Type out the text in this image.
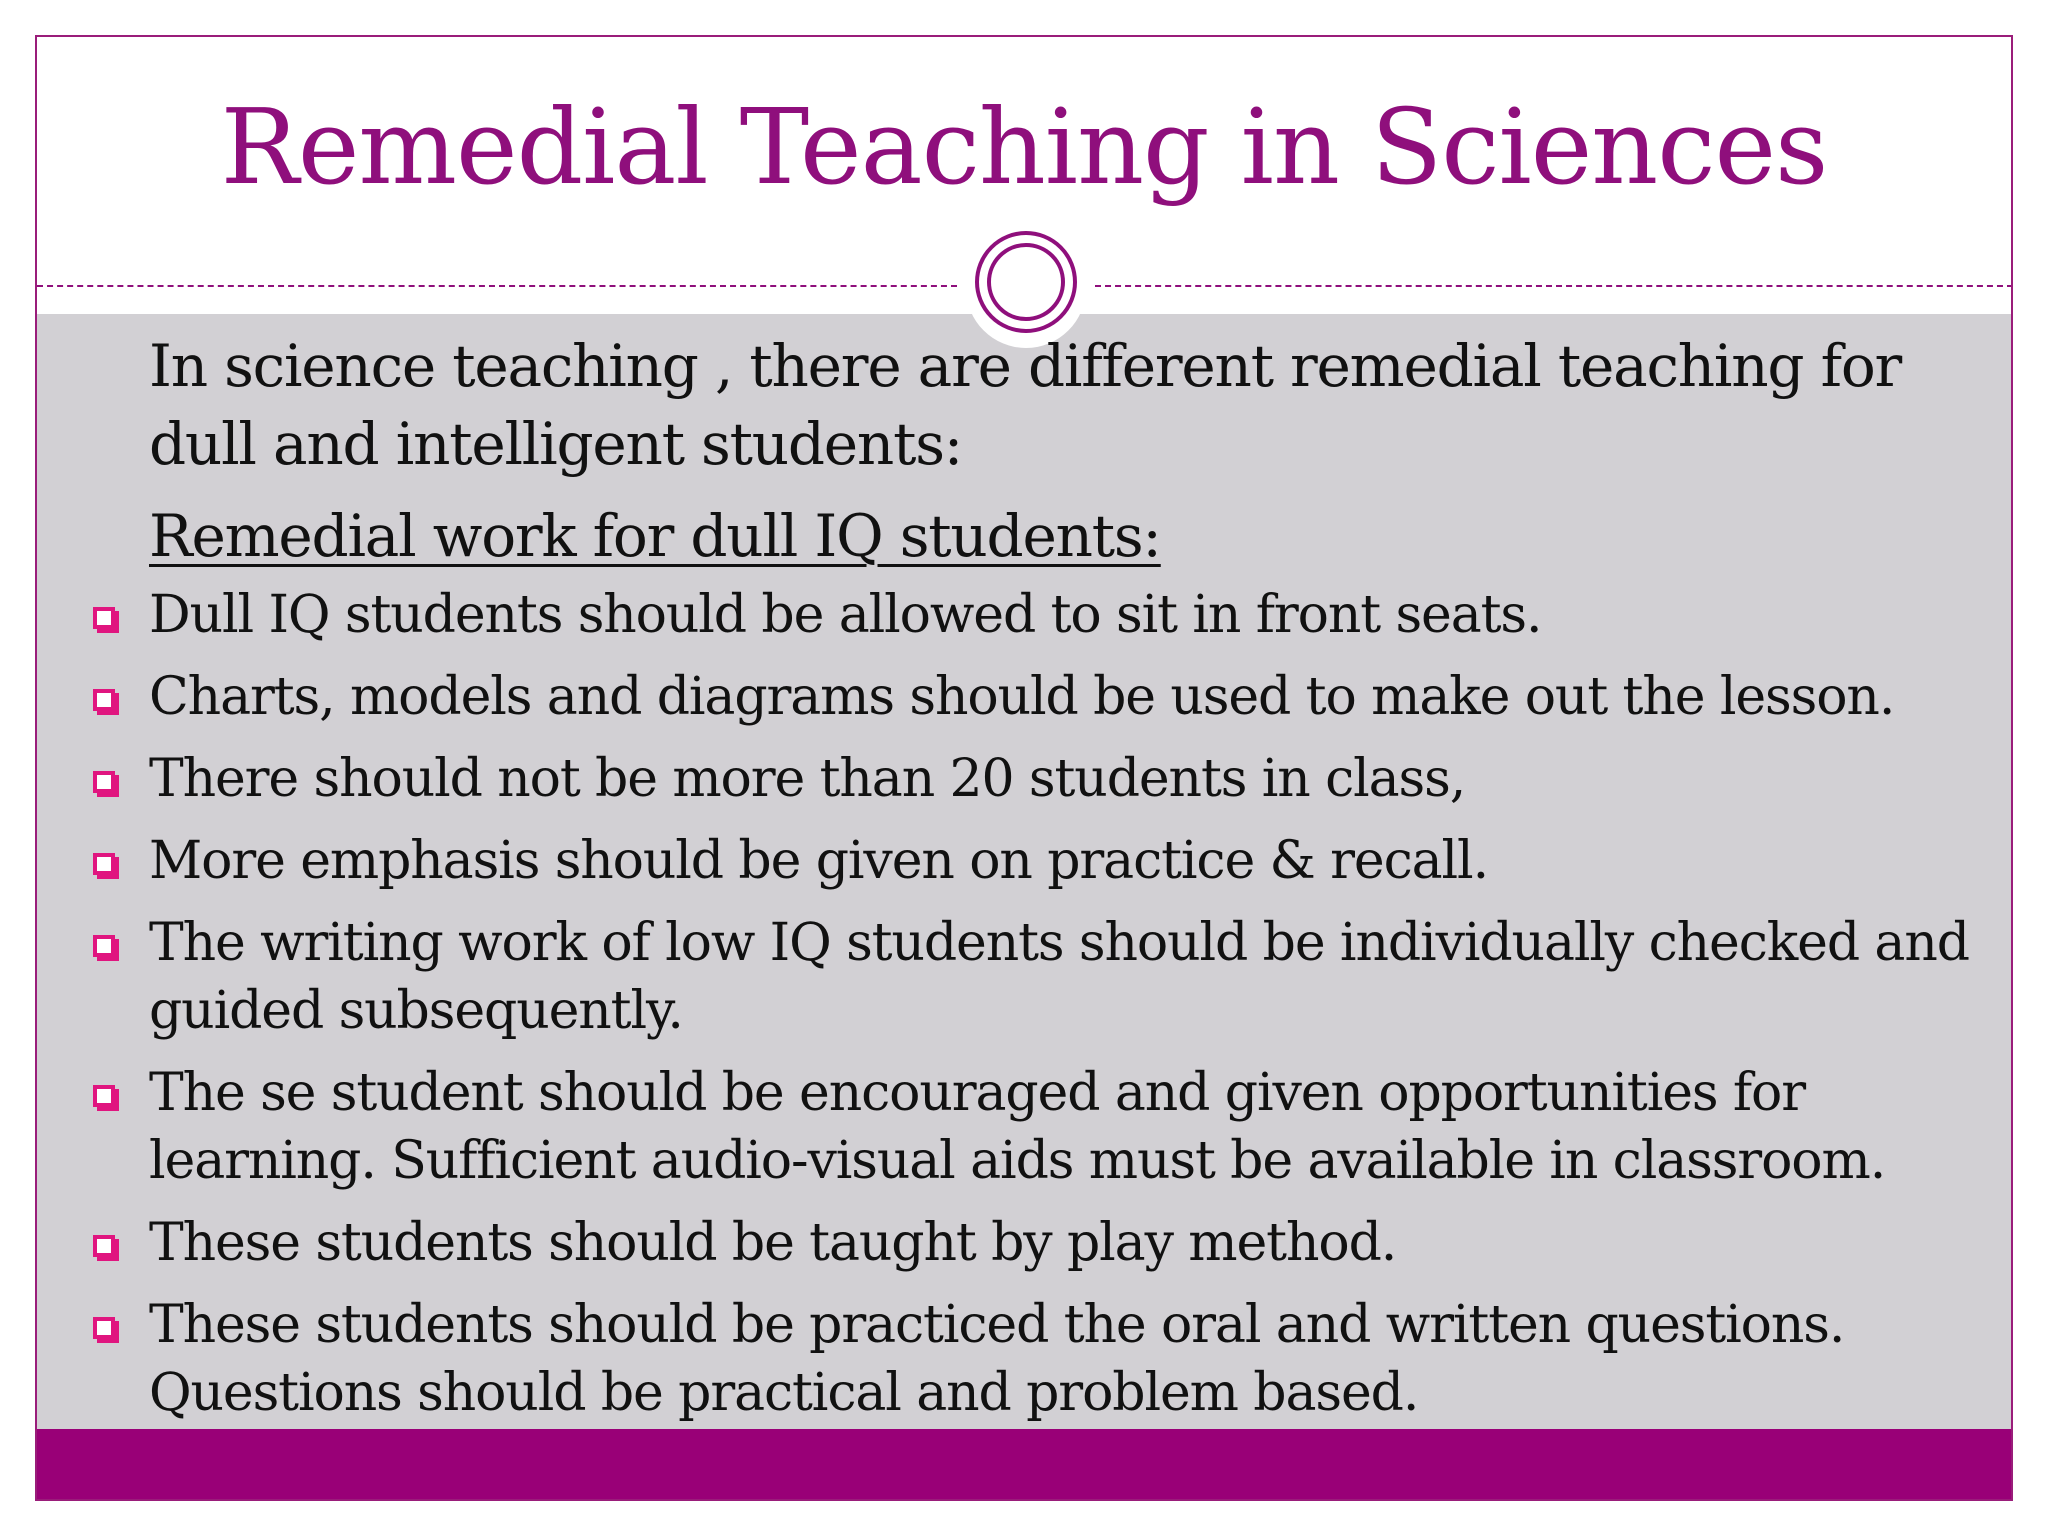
Remedial Teaching in Sciences

In science teaching , there are different remedial teaching for dull and intelligent students:

Remedial work for dull IQ students:

Dull IQ students should be allowed to sit in front seats.
Charts, models and diagrams should be used to make out the lesson.
There should not be more than 20 students in class,
More emphasis should be given on practice & recall.
The writing work of low IQ students should be individually checked and guided subsequently.
The se student should be encouraged and given opportunities for learning. Sufficient audio-visual aids must be available in classroom.
These students should be taught by play method.
These students should be practiced the oral and written questions. Questions should be practical and problem based.
